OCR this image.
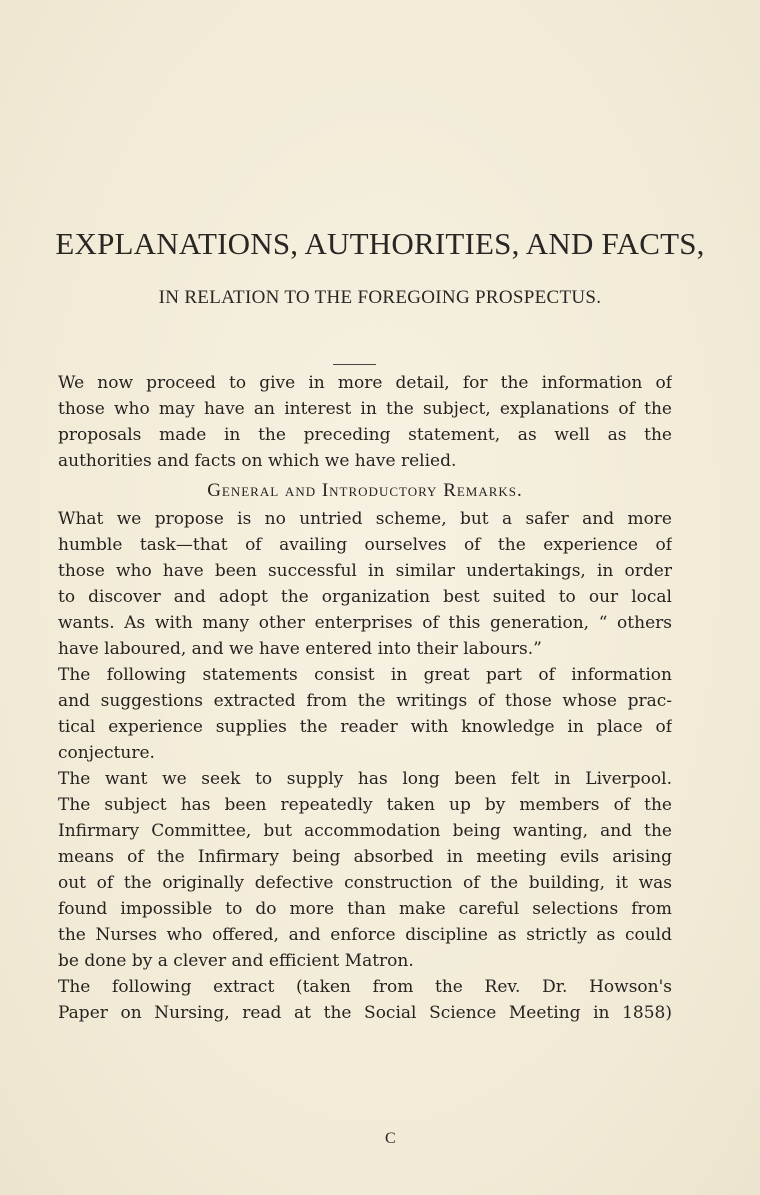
EXPLANATIONS, AUTHORITIES, AND FACTS,
IN RELATION TO THE FOREGOING PROSPECTUS.
We now proceed to give in more detail, for the information of
those who may have an interest in the subject, explanations of the
proposals made in the preceding statement, as well as the
authorities and facts on which we have relied.
General and Introductory Remarks.
What we propose is no untried scheme, but a safer and more
humble task—that of availing ourselves of the experience of
those who have been successful in similar undertakings, in order
to discover and adopt the organization best suited to our local
wants. As with many other enterprises of this generation, “ others
have laboured, and we have entered into their labours.”
The following statements consist in great part of information
and suggestions extracted from the writings of those whose prac-
tical experience supplies the reader with knowledge in place of
conjecture.
The want we seek to supply has long been felt in Liverpool.
The subject has been repeatedly taken up by members of the
Infirmary Committee, but accommodation being wanting, and the
means of the Infirmary being absorbed in meeting evils arising
out of the originally defective construction of the building, it was
found impossible to do more than make careful selections from
the Nurses who offered, and enforce discipline as strictly as could
be done by a clever and efficient Matron.
The following extract (taken from the Rev. Dr. Howson's
Paper on Nursing, read at the Social Science Meeting in 1858)
C
